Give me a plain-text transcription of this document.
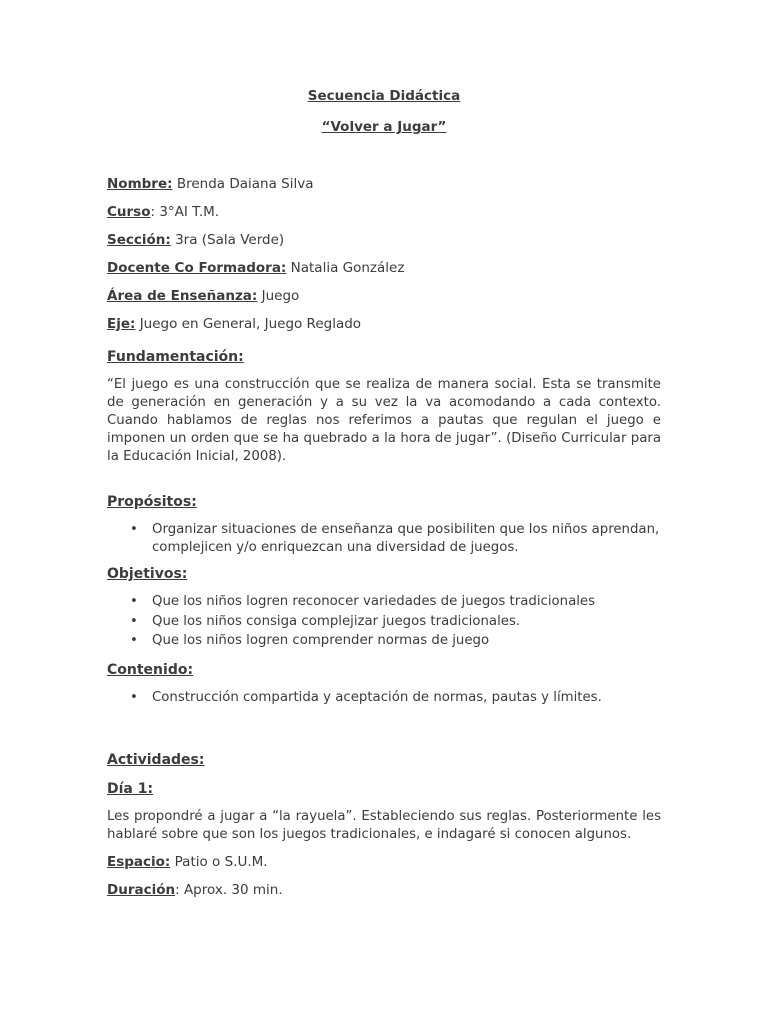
Secuencia Didáctica
“Volver a Jugar”

Nombre: Brenda Daiana Silva

Curso: 3°AI T.M.

Sección: 3ra (Sala Verde)

Docente Co Formadora: Natalia González

Área de Enseñanza: Juego

Eje: Juego en General, Juego Reglado

Fundamentación:

“El juego es una construcción que se realiza de manera social. Esta se transmite de generación en generación y a su vez la va acomodando a cada contexto. Cuando hablamos de reglas nos referimos a pautas que regulan el juego e imponen un orden que se ha quebrado a la hora de jugar”. (Diseño Curricular para la Educación Inicial, 2008).

Propósitos:
• Organizar situaciones de enseñanza que posibiliten que los niños aprendan, complejicen y/o enriquezcan una diversidad de juegos.
Objetivos:
• Que los niños logren reconocer variedades de juegos tradicionales
• Que los niños consiga complejizar juegos tradicionales.
• Que los niños logren comprender normas de juego
Contenido:
• Construcción compartida y aceptación de normas, pautas y límites.
Actividades:
Día 1:

Les propondré a jugar a “la rayuela”. Estableciendo sus reglas. Posteriormente les hablaré sobre que son los juegos tradicionales, e indagaré si conocen algunos.

Espacio: Patio o S.U.M.

Duración: Aprox. 30 min.
